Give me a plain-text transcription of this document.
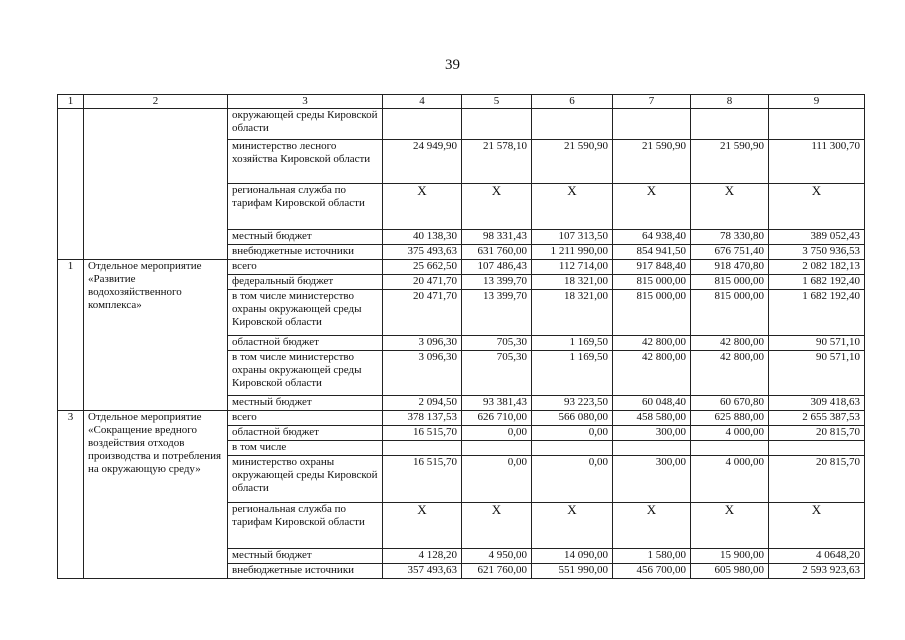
39
1	2	3	4	5	6	7	8	9
		окружающей среды Кировской области						
		министерство лесного хозяйства Кировской области	24 949,90	21 578,10	21 590,90	21 590,90	21 590,90	111 300,70
		региональная служба по тарифам Кировской области	Х	Х	Х	Х	Х	Х
		местный бюджет	40 138,30	98 331,43	107 313,50	64 938,40	78 330,80	389 052,43
		внебюджетные источники	375 493,63	631 760,00	1 211 990,00	854 941,50	676 751,40	3 750 936,53
1	Отдельное мероприятие «Развитие водохозяйственного комплекса»	всего	25 662,50	107 486,43	112 714,00	917 848,40	918 470,80	2 082 182,13
		федеральный бюджет	20 471,70	13 399,70	18 321,00	815 000,00	815 000,00	1 682 192,40
		в том числе министерство охраны окружающей среды Кировской области	20 471,70	13 399,70	18 321,00	815 000,00	815 000,00	1 682 192,40
		областной бюджет	3 096,30	705,30	1 169,50	42 800,00	42 800,00	90 571,10
		в том числе министерство охраны окружающей среды Кировской области	3 096,30	705,30	1 169,50	42 800,00	42 800,00	90 571,10
		местный бюджет	2 094,50	93 381,43	93 223,50	60 048,40	60 670,80	309 418,63
3	Отдельное мероприятие «Сокращение вредного воздействия отходов производства и потребления на окружающую среду»	всего	378 137,53	626 710,00	566 080,00	458 580,00	625 880,00	2 655 387,53
		областной бюджет	16 515,70	0,00	0,00	300,00	4 000,00	20 815,70
		в том числе						
		министерство охраны окружающей среды Кировской области	16 515,70	0,00	0,00	300,00	4 000,00	20 815,70
		региональная служба по тарифам Кировской области	Х	Х	Х	Х	Х	Х
		местный бюджет	4 128,20	4 950,00	14 090,00	1 580,00	15 900,00	4 0648,20
		внебюджетные источники	357 493,63	621 760,00	551 990,00	456 700,00	605 980,00	2 593 923,63
